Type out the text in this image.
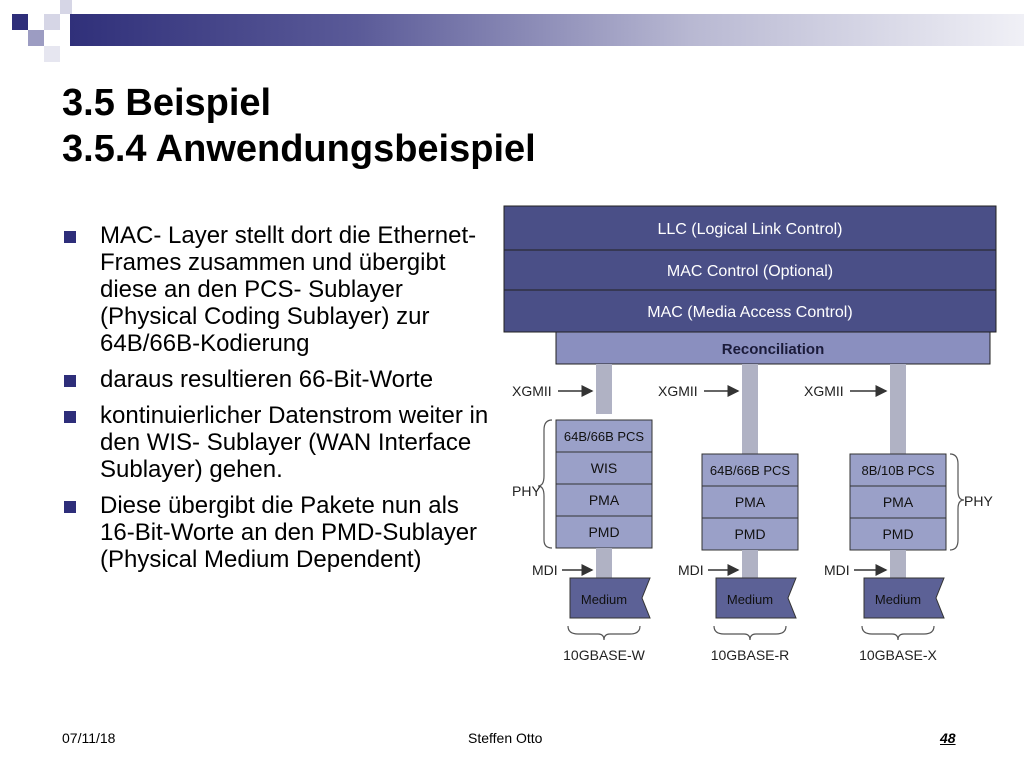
3.5 Beispiel
3.5.4 Anwendungsbeispiel
MAC- Layer stellt dort die Ethernet- Frames zusammen und übergibt diese an den PCS- Sublayer (Physical Coding Sublayer) zur 64B/66B-Kodierung
daraus resultieren 66-Bit-Worte
kontinuierlicher Datenstrom weiter in den WIS- Sublayer (WAN Interface Sublayer) gehen.
Diese übergibt die Pakete nun als 16-Bit-Worte an den PMD-Sublayer (Physical Medium Dependent)
LLC (Logical Link Control)
MAC Control (Optional)
MAC (Media Access Control)
Reconciliation
XGMII	XGMII	XGMII
64B/66B PCS
WIS
PMA
PMD
Medium
10GBASE-W
64B/66B PCS
PMA
PMD
Medium
10GBASE-R
8B/10B PCS
PMA
PMD
Medium
10GBASE-X
PHY
PHY
MDI	MDI	MDI
07/11/18	Steffen Otto	48
